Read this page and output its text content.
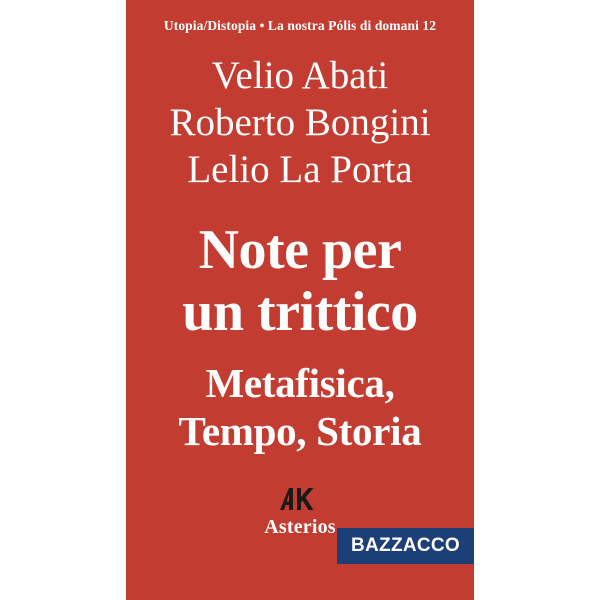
Utopia/Distopia • La nostra Pólis di domani 12
Velio Abati
Roberto Bongini
Lelio La Porta
Note per
un trittico
Metafisica,
Tempo, Storia
Asterios
BAZZACCO
